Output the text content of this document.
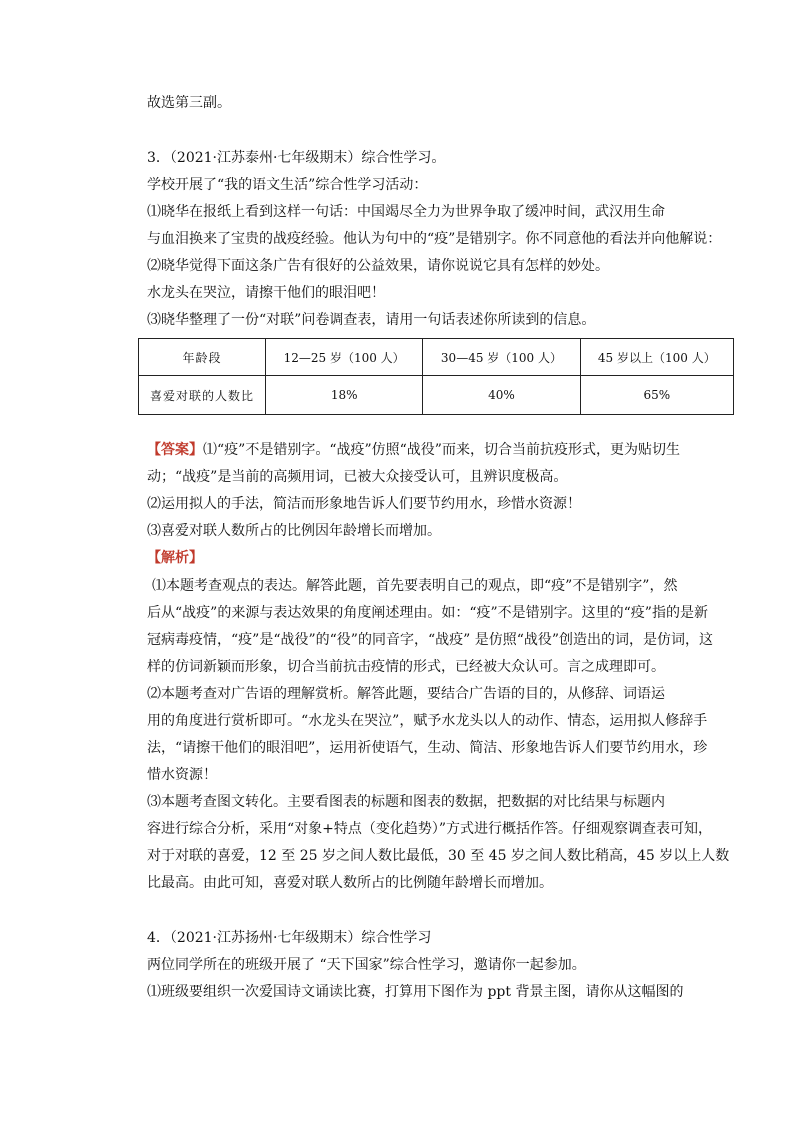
故选第三副。
3．（2021·江苏泰州·七年级期末）综合性学习。
学校开展了“我的语文生活”综合性学习活动：
⑴晓华在报纸上看到这样一句话：中国竭尽全力为世界争取了缓冲时间，武汉用生命
与血泪换来了宝贵的战疫经验。他认为句中的“疫”是错别字。你不同意他的看法并向他解说：
⑵晓华觉得下面这条广告有很好的公益效果，请你说说它具有怎样的妙处。
水龙头在哭泣，请擦干他们的眼泪吧！
⑶晓华整理了一份“对联”问卷调查表，请用一句话表述你所读到的信息。
年龄段	12—25 岁（100 人）	30—45 岁（100 人）	45 岁以上（100 人）
喜爱对联的人数比	18%	40%	65%
【答案】⑴“疫”不是错别字。“战疫”仿照“战役”而来，切合当前抗疫形式，更为贴切生
动；“战疫”是当前的高频用词，已被大众接受认可，且辨识度极高。
⑵运用拟人的手法，简洁而形象地告诉人们要节约用水，珍惜水资源！
⑶喜爱对联人数所占的比例因年龄增长而增加。
【解析】
⑴本题考查观点的表达。解答此题，首先要表明自己的观点，即“疫”不是错别字”，然
后从“战疫”的来源与表达效果的角度阐述理由。如：“疫”不是错别字。这里的“疫”指的是新
冠病毒疫情，“疫”是“战役”的“役”的同音字，“战疫” 是仿照“战役”创造出的词，是仿词，这
样的仿词新颖而形象，切合当前抗击疫情的形式，已经被大众认可。言之成理即可。
⑵本题考查对广告语的理解赏析。解答此题，要结合广告语的目的，从修辞、词语运
用的角度进行赏析即可。“水龙头在哭泣”，赋予水龙头以人的动作、情态，运用拟人修辞手
法，“请擦干他们的眼泪吧”，运用祈使语气，生动、简洁、形象地告诉人们要节约用水，珍
惜水资源！
⑶本题考查图文转化。主要看图表的标题和图表的数据，把数据的对比结果与标题内
容进行综合分析，采用“对象+特点（变化趋势）”方式进行概括作答。仔细观察调查表可知，
对于对联的喜爱，12 至 25 岁之间人数比最低，30 至 45 岁之间人数比稍高，45 岁以上人数
比最高。由此可知，喜爱对联人数所占的比例随年龄增长而增加。
4．（2021·江苏扬州·七年级期末）综合性学习
两位同学所在的班级开展了 “天下国家”综合性学习，邀请你一起参加。
⑴班级要组织一次爱国诗文诵读比赛，打算用下图作为 ppt 背景主图，请你从这幅图的
